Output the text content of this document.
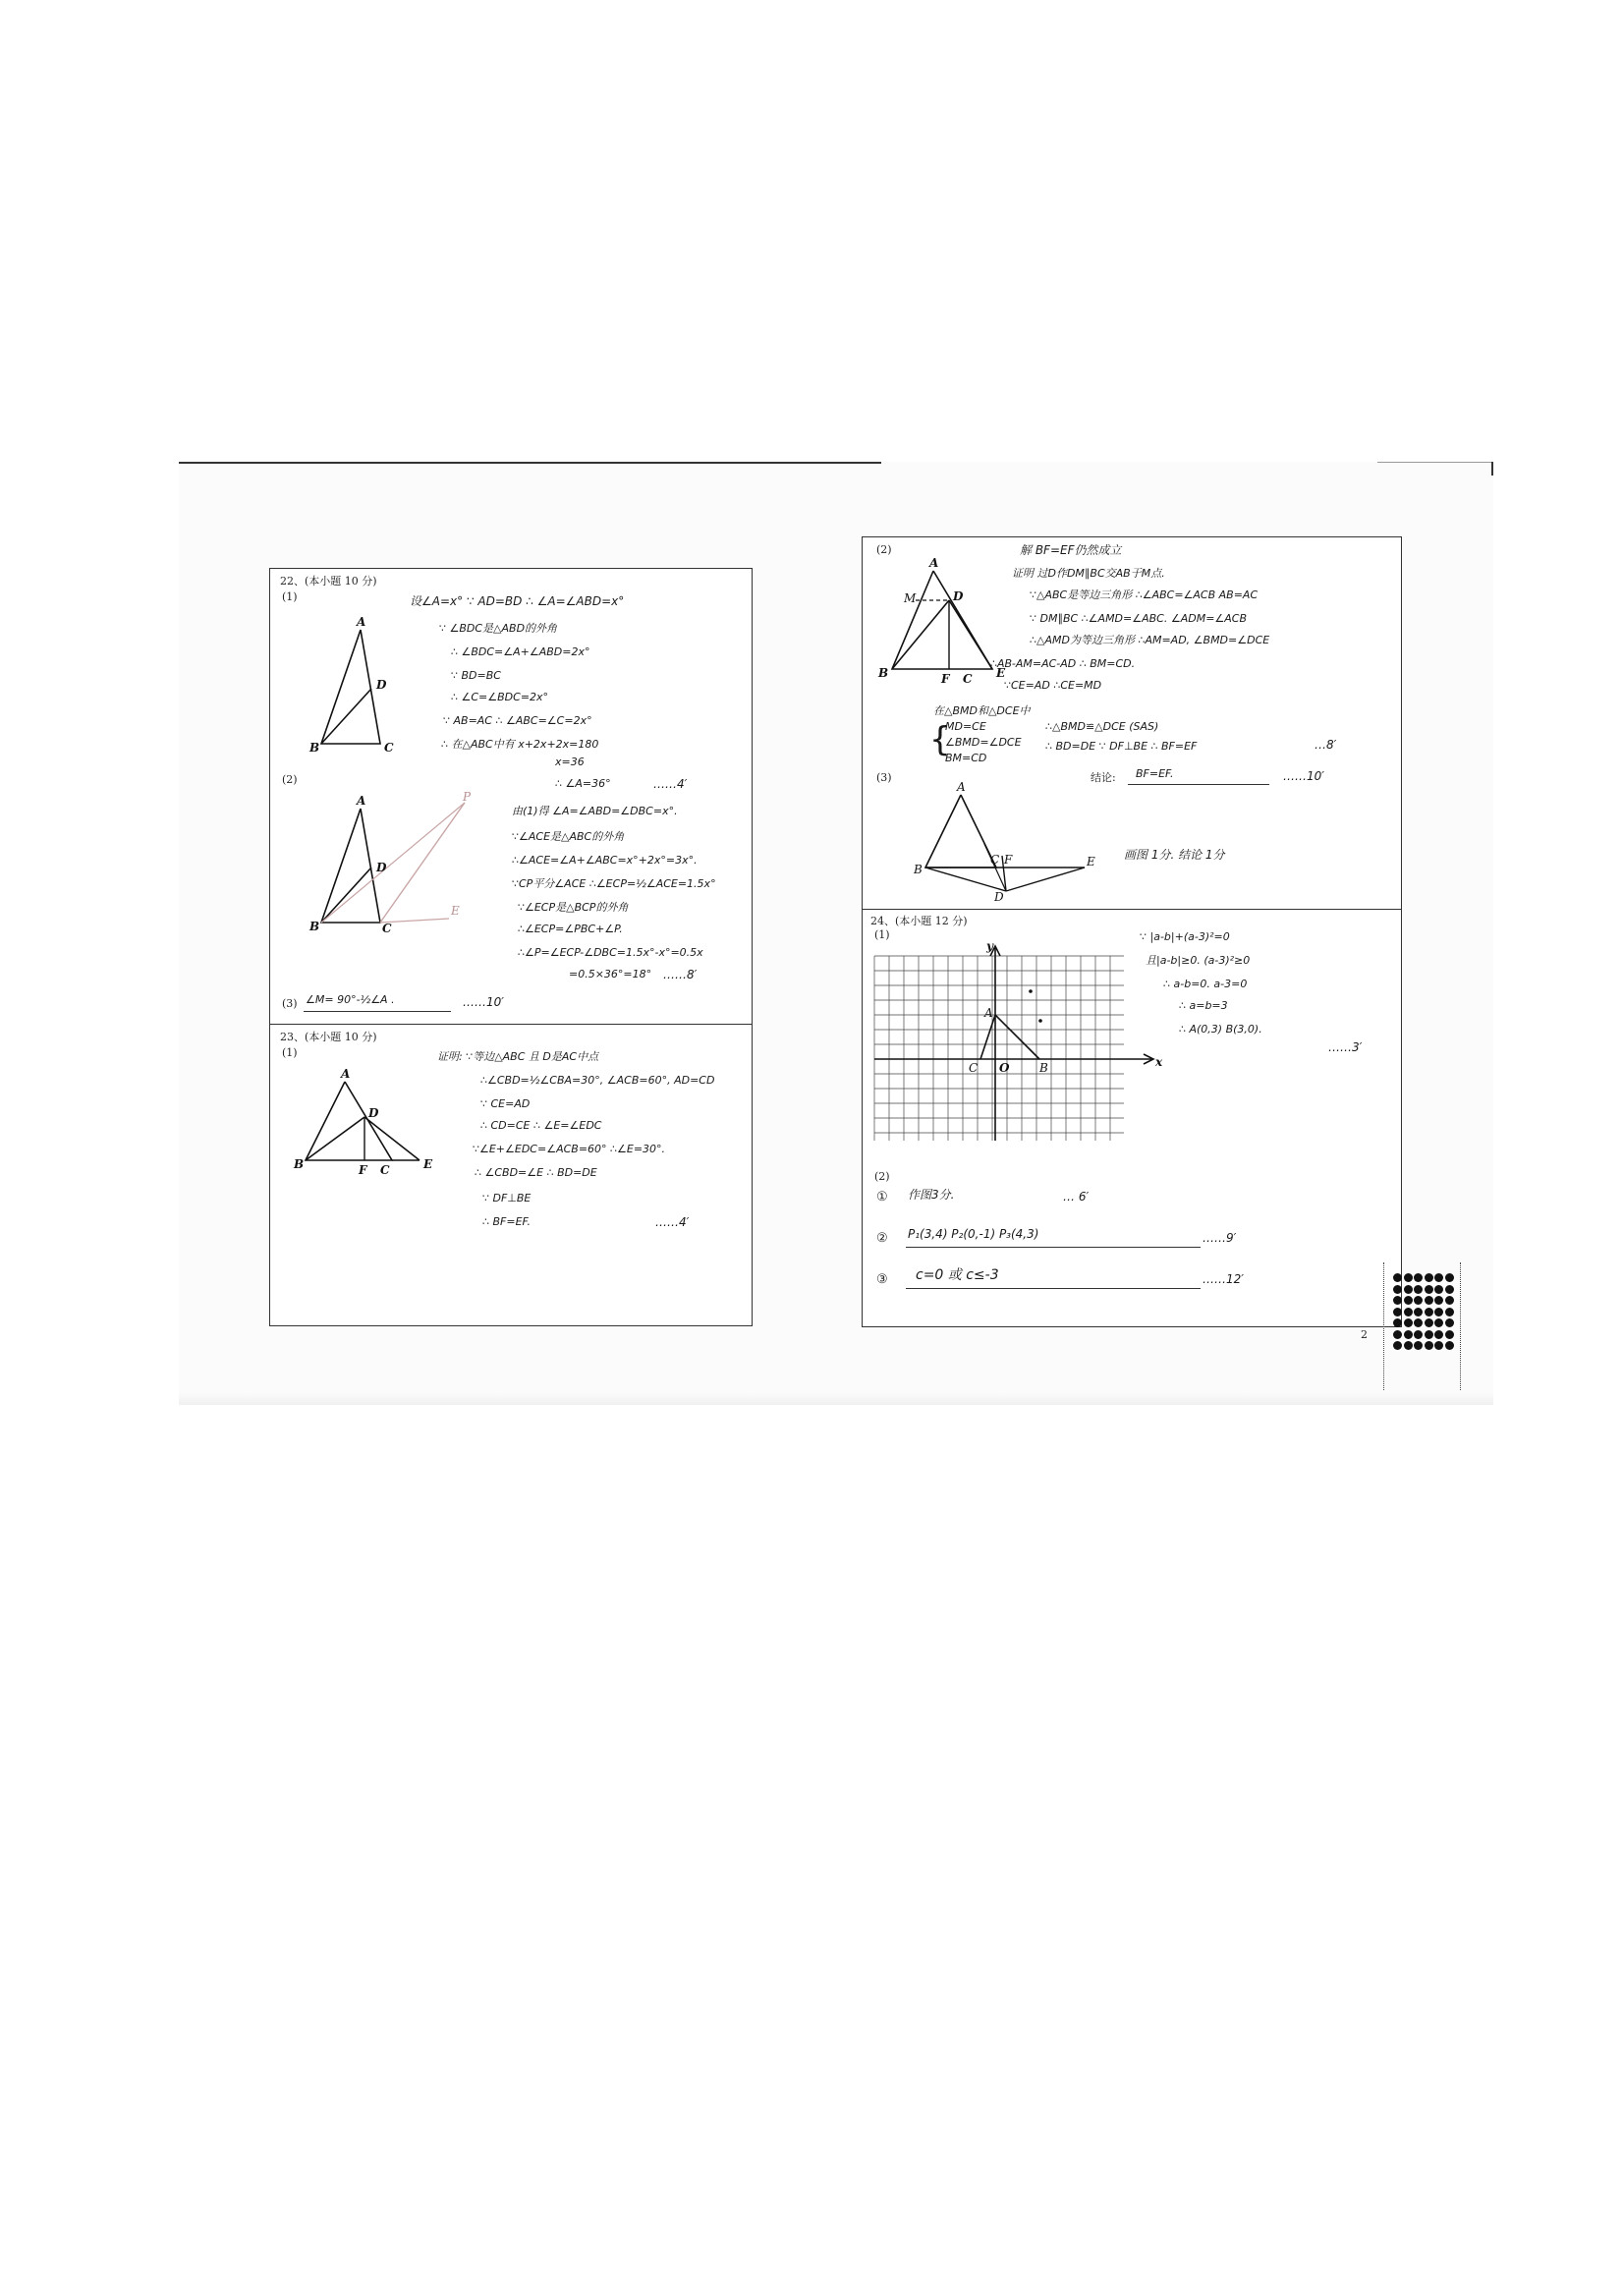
22、(本小题 10 分)
(1)
A
D
B	C
设∠A=x° ∵ AD=BD ∴ ∠A=∠ABD=x°
∵ ∠BDC是△ABD的外角
∴ ∠BDC=∠A+∠ABD=2x°
∵ BD=BC
∴ ∠C=∠BDC=2x°
∵ AB=AC ∴ ∠ABC=∠C=2x°
∴ 在△ABC中有 x+2x+2x=180
x=36
∴ ∠A=36°	……4′
(2)
A
D
B	C
P
E
由(1)得 ∠A=∠ABD=∠DBC=x°.
∵∠ACE是△ABC的外角
∴∠ACE=∠A+∠ABC=x°+2x°=3x°.
∵CP平分∠ACE ∴∠ECP=½∠ACE=1.5x°
∵∠ECP是△BCP的外角
∴∠ECP=∠PBC+∠P.
∴∠P=∠ECP-∠DBC=1.5x°-x°=0.5x
=0.5×36°=18° ……8′
(3) ∠M= 90°-½∠A .	……10′
23、(本小题 10 分)
(1)
A
D
B	F C	E
证明: ∵等边△ABC 且 D是AC中点
∴∠CBD=½∠CBA=30°, ∠ACB=60°, AD=CD
∵ CE=AD
∴ CD=CE ∴ ∠E=∠EDC
∵∠E+∠EDC=∠ACB=60° ∴∠E=30°.
∴ ∠CBD=∠E ∴ BD=DE
∵ DF⊥BE
∴ BF=EF.	……4′
(2)
A
M	D
B	F C E
解 BF=EF仍然成立
证明 过D作DM∥BC交AB于M点.
∵△ABC是等边三角形 ∴∠ABC=∠ACB AB=AC
∵ DM∥BC ∴∠AMD=∠ABC. ∠ADM=∠ACB
∴△AMD为等边三角形 ∴AM=AD, ∠BMD=∠DCE
∴AB-AM=AC-AD ∴ BM=CD.
∵CE=AD ∴CE=MD
在△BMD和△DCE中
{
MD=CE
∠BMD=∠DCE
BM=CD
∴△BMD≌△DCE (SAS)
∴ BD=DE ∵ DF⊥BE ∴ BF=EF	…8′
(3)	结论: BF=EF.	……10′
A
B
C F
D
E 画图 1分. 结论 1分
24、(本小题 12 分)
(1)
y
x
A
C O	B
∵ |a-b|+(a-3)²=0
且|a-b|≥0. (a-3)²≥0
∴ a-b=0. a-3=0
∴ a=b=3
∴ A(0,3) B(3,0).
……3′
(2)
① 作图3分.	… 6′
② P₁(3,4) P₂(0,-1) P₃(4,3)	……9′
③ c=0 或 c≤-3	……12′
2
